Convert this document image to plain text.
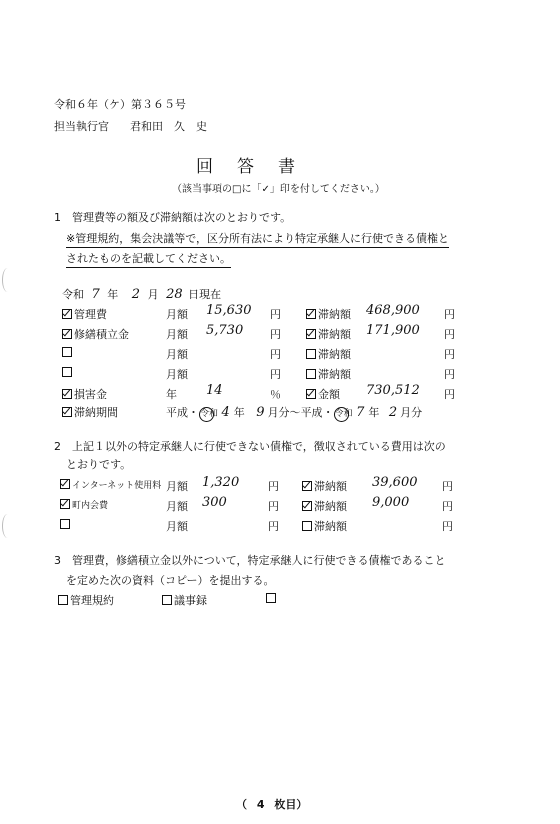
令和６年（ケ）第３６５号
担当執行官 君和田　久　史
回答書
（該当事項の□に「✓」印を付してください。）
1　管理費等の額及び滞納額は次のとおりです。
※管理規約，集会決議等で，区分所有法により特定承継人に行使できる債権と
されたものを記載してください。
令和 7 年 2 月 28 日現在
管理費	月額 15,630 円	滞納額 468,900 円
修繕積立金	月額 5,730 円	滞納額 171,900 円
月額	円	滞納額	円
月額	円	滞納額	円
損害金	年 14	％	金額 730,512 円
滞納期間	平成・令和 4 年 9 月分〜平成・令和 7 年 2 月分
2　上記１以外の特定承継人に行使できない債権で，徴収されている費用は次の
とおりです。
インターネット使用料 月額 1,320	円	滞納額 39,600 円
町内会費	月額 300	円	滞納額 9,000	円
月額	円	滞納額	円
3　管理費，修繕積立金以外について，特定承継人に行使できる債権であること
を定めた次の資料（コピー）を提出する。
管理規約	議事録
（ 4 枚目）
